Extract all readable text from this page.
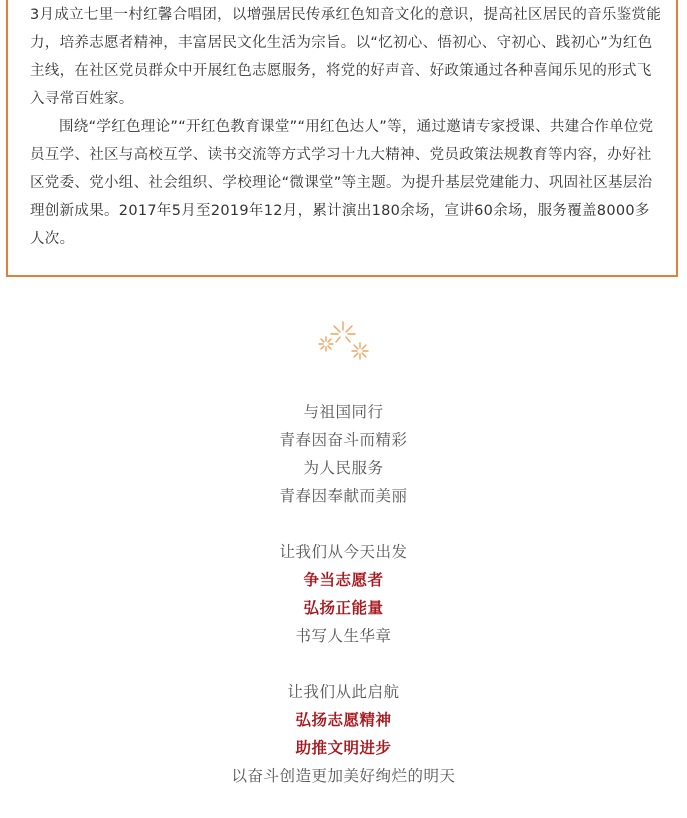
3月成立七里一村红馨合唱团，以增强居民传承红色知音文化的意识，提高社区居民的音乐鉴赏能力，培养志愿者精神，丰富居民文化生活为宗旨。以“忆初心、悟初心、守初心、践初心”为红色主线，在社区党员群众中开展红色志愿服务，将党的好声音、好政策通过各种喜闻乐见的形式飞入寻常百姓家。

围绕“学红色理论”“开红色教育课堂”“用红色达人”等，通过邀请专家授课、共建合作单位党员互学、社区与高校互学、读书交流等方式学习十九大精神、党员政策法规教育等内容，办好社区党委、党小组、社会组织、学校理论“微课堂”等主题。为提升基层党建能力、巩固社区基层治理创新成果。2017年5月至2019年12月，累计演出180余场，宣讲60余场，服务覆盖8000多人次。

与祖国同行
青春因奋斗而精彩
为人民服务
青春因奉献而美丽
让我们从今天出发
争当志愿者
弘扬正能量
书写人生华章
让我们从此启航
弘扬志愿精神
助推文明进步
以奋斗创造更加美好绚烂的明天
